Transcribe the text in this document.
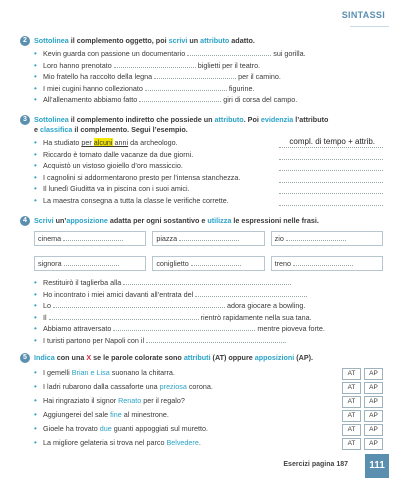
SINTASSI
2 Sottolinea il complemento oggetto, poi scrivi un attributo adatto.
• Kevin guarda con passione un documentario	sui gorilla.
• Loro hanno prenotato	biglietti per il teatro.
• Mio fratello ha raccolto della legna	per il camino.
• I miei cugini hanno collezionato	figurine.
• All’allenamento abbiamo fatto	giri di corsa del campo.
3 Sottolinea il complemento indiretto che possiede un attributo. Poi evidenzia l’attributo
e classifica il complemento. Segui l’esempio.
• Ha studiato per alcuni anni da archeologo.	compl. di tempo + attrib.
• Riccardo è tornato dalle vacanze da due giorni.
• Acquistò un vistoso gioiello d’oro massiccio.
• I cagnolini si addormentarono presto per l’intensa stanchezza.
• Il lunedì Giuditta va in piscina con i suoi amici.
• La maestra consegna a tutta la classe le verifiche corrette.
4 Scrivi un’apposizione adatta per ogni sostantivo e utilizza le espressioni nelle frasi.
cinema	piazza	zio
signora	coniglietto	treno
• Restituirò il taglierba alla	.
• Ho incontrato i miei amici davanti all’entrata del	.
• Lo	adora giocare a bowling.
• Il	rientrò rapidamente nella sua tana.
• Abbiamo attraversato	mentre pioveva forte.
• I turisti partono per Napoli con il	.
5 Indica con una X se le parole colorate sono attributi (AT) oppure apposizioni (AP).
• I gemelli Brian e Lisa suonano la chitarra.	AT	AP
• I ladri rubarono dalla cassaforte una preziosa corona.	AT	AP
• Hai ringraziato il signor Renato per il regalo?	AT	AP
• Aggiungerei del sale fine al minestrone.	AT	AP
• Gioele ha trovato due guanti appoggiati sul muretto.	AT	AP
• La migliore gelateria si trova nel parco Belvedere.	AT	AP
Esercizi pagina 187	111
